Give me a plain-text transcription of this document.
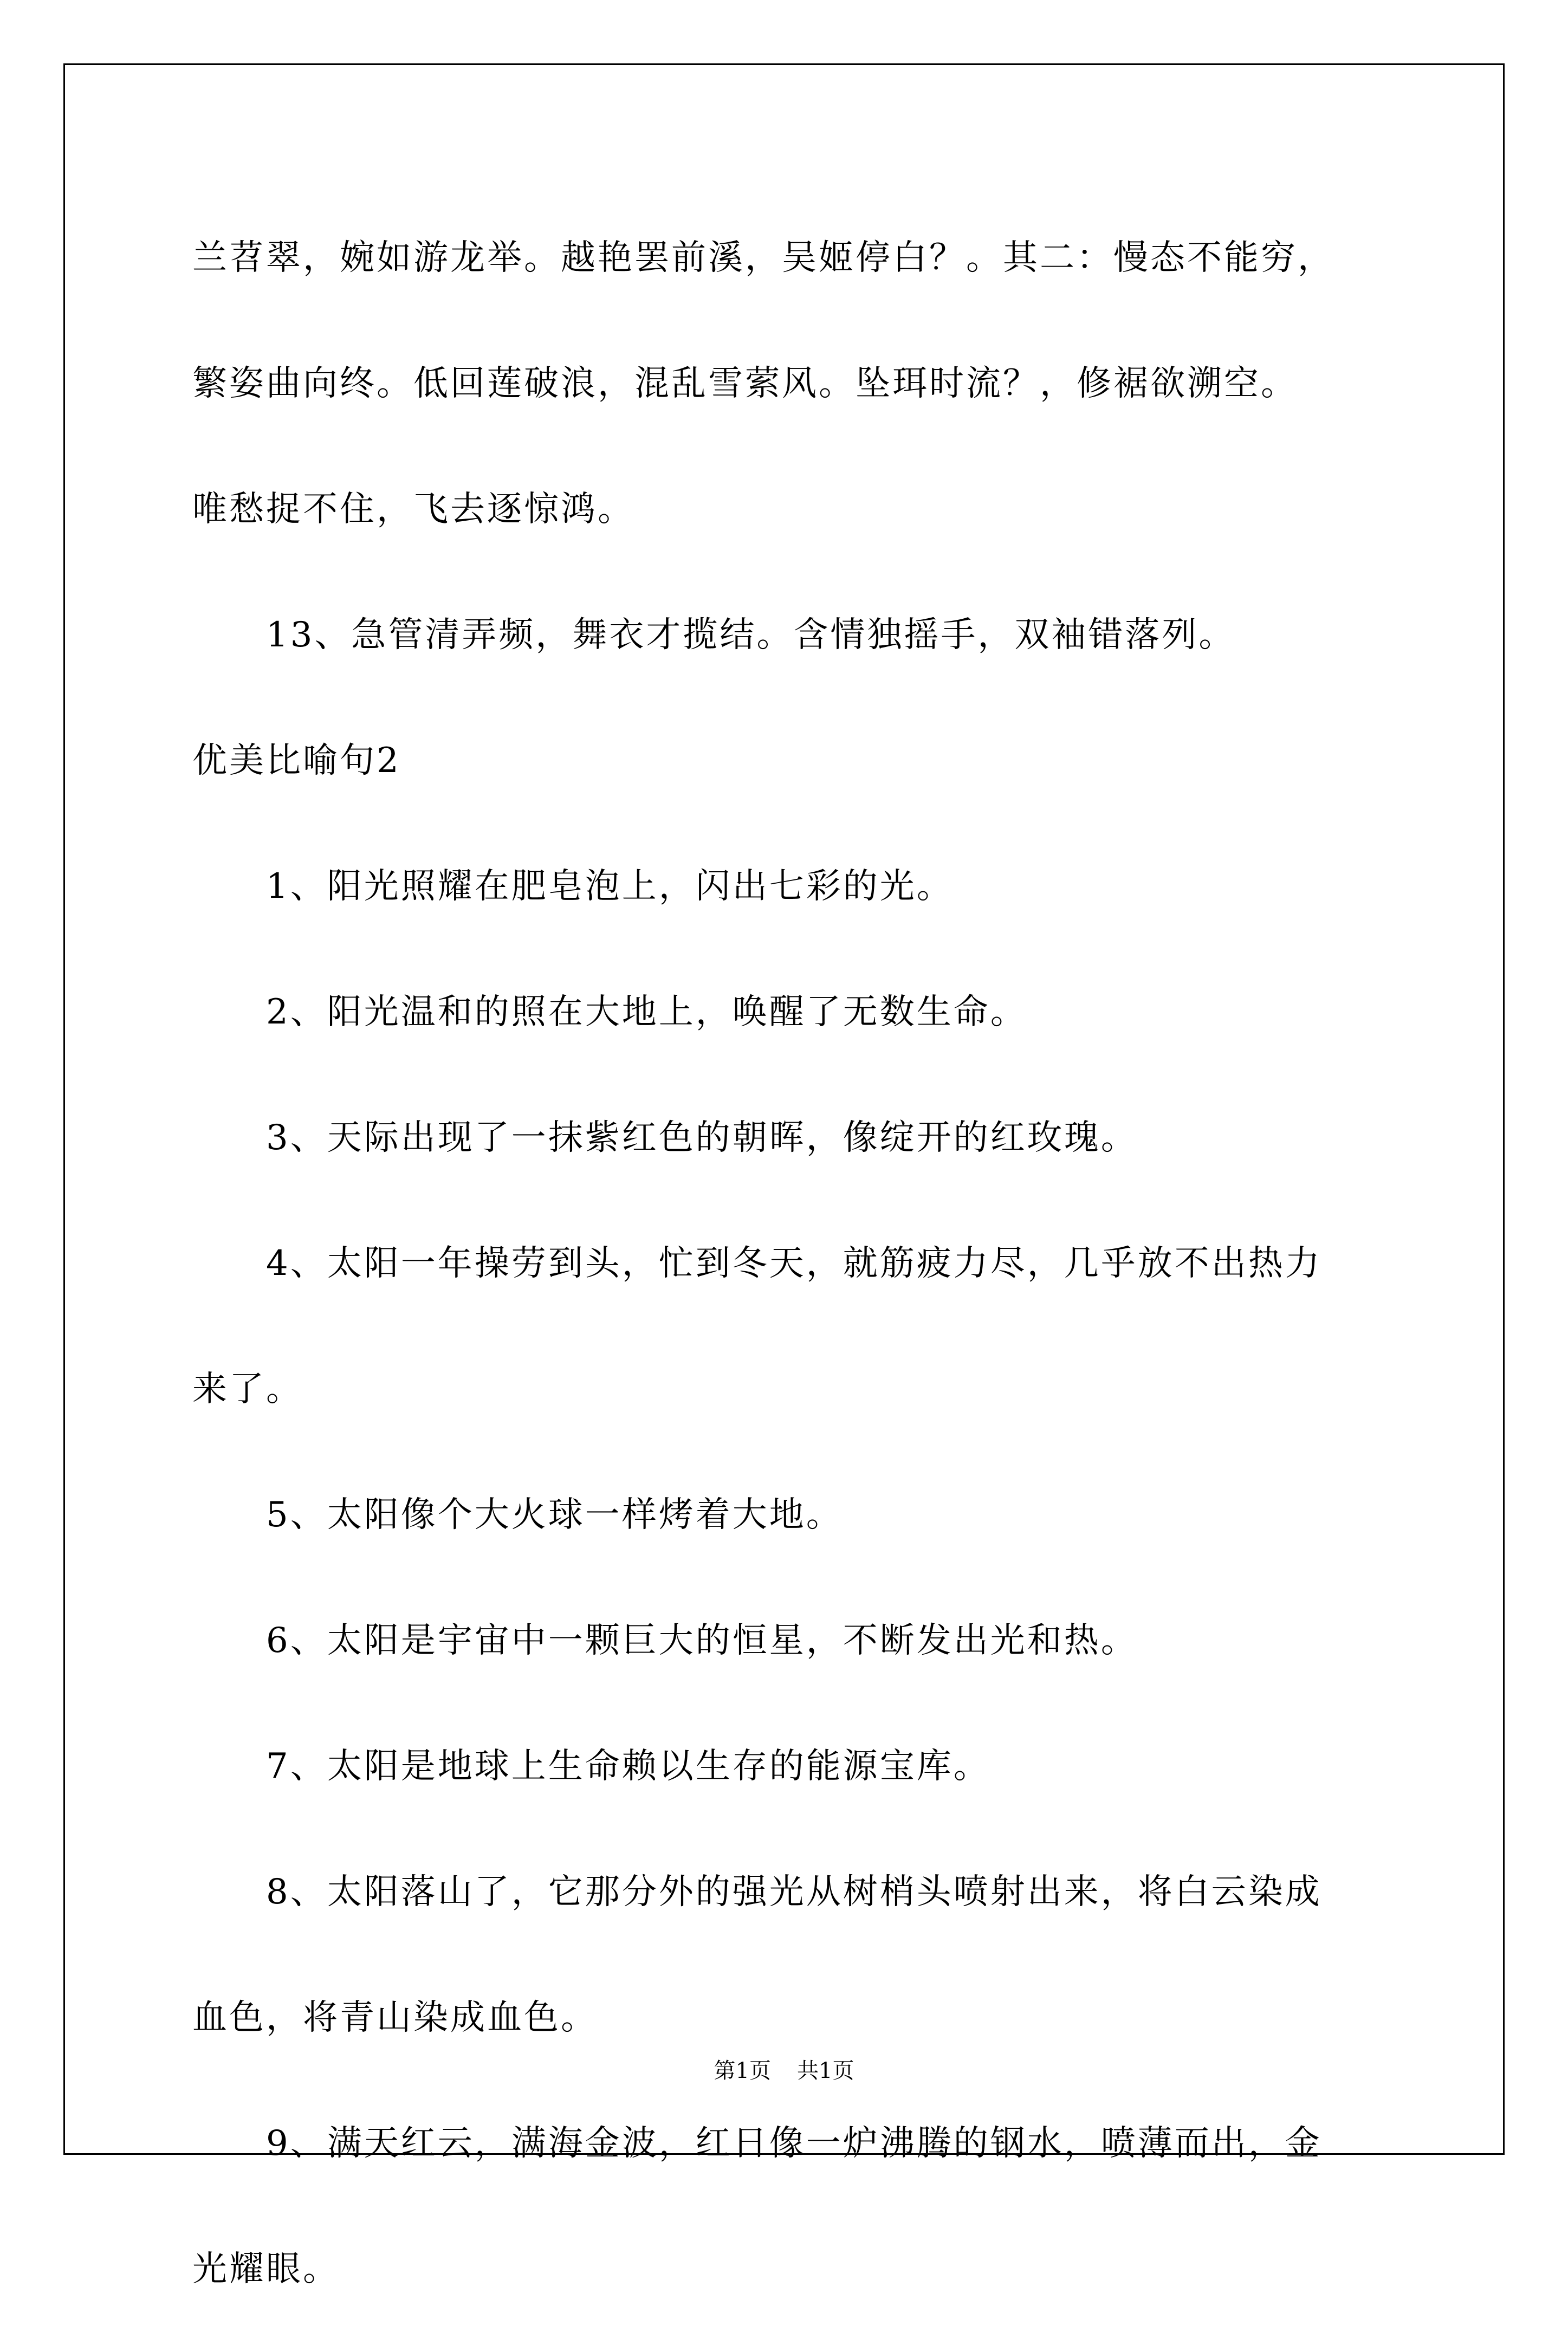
兰苕翠，婉如游龙举。越艳罢前溪，吴姬停白？。其二：慢态不能穷，
繁姿曲向终。低回莲破浪，混乱雪萦风。坠珥时流？，修裾欲溯空。
唯愁捉不住，飞去逐惊鸿。
13、急管清弄频，舞衣才揽结。含情独摇手，双袖错落列。
优美比喻句2
1、阳光照耀在肥皂泡上，闪出七彩的光。
2、阳光温和的照在大地上，唤醒了无数生命。
3、天际出现了一抹紫红色的朝晖，像绽开的红玫瑰。
4、太阳一年操劳到头，忙到冬天，就筋疲力尽，几乎放不出热力
来了。
5、太阳像个大火球一样烤着大地。
6、太阳是宇宙中一颗巨大的恒星，不断发出光和热。
7、太阳是地球上生命赖以生存的能源宝库。
8、太阳落山了，它那分外的强光从树梢头喷射出来，将白云染成
血色，将青山染成血色。
9、满天红云，满海金波，红日像一炉沸腾的钢水，喷薄而出，金
光耀眼。
第1页 共1页
